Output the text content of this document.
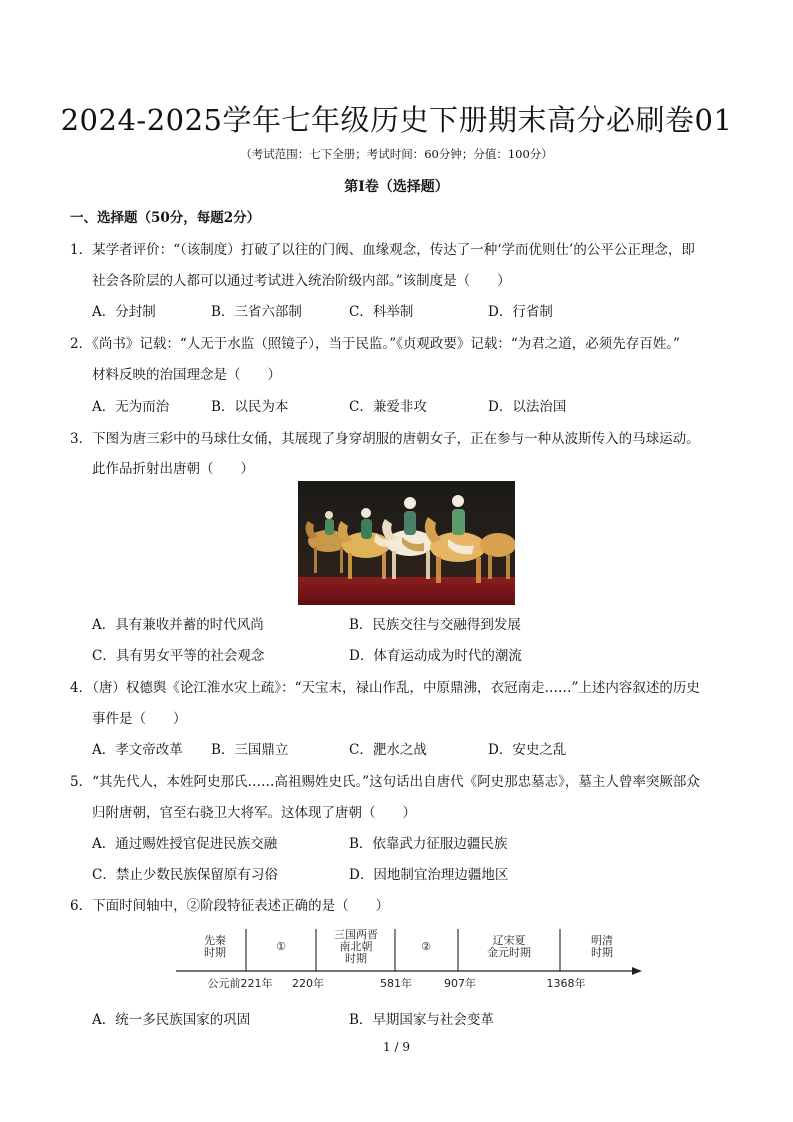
2024-2025学年七年级历史下册期末高分必刷卷01
（考试范围：七下全册；考试时间：60分钟；分值：100分）
第Ⅰ卷（选择题）
一、选择题（50分，每题2分）
1．某学者评价：“（该制度）打破了以往的门阀、血缘观念，传达了一种‘学而优则仕’的公平公正理念，即
社会各阶层的人都可以通过考试进入统治阶级内部。”该制度是（　　）
A．分封制	B．三省六部制	C．科举制	D．行省制
2．《尚书》记载：“人无于水监（照镜子），当于民监。”《贞观政要》记载：“为君之道，必须先存百姓。”
材料反映的治国理念是（　　）
A．无为而治	B．以民为本	C．兼爱非攻	D．以法治国
3．下图为唐三彩中的马球仕女俑，其展现了身穿胡服的唐朝女子，正在参与一种从波斯传入的马球运动。
此作品折射出唐朝（　　）
A．具有兼收并蓄的时代风尚	B．民族交往与交融得到发展
C．具有男女平等的社会观念	D．体育运动成为时代的潮流
4．（唐）权德舆《论江淮水灾上疏》：“天宝末，禄山作乱，中原鼎沸，衣冠南走……”上述内容叙述的历史
事件是（　　）
A．孝文帝改革 B．三国鼎立	C．淝水之战	D．安史之乱
5．“其先代人，本姓阿史那氏……高祖赐姓史氏。”这句话出自唐代《阿史那忠墓志》，墓主人曾率突厥部众
归附唐朝，官至右骁卫大将军。这体现了唐朝（　　）
A．通过赐姓授官促进民族交融	B．依靠武力征服边疆民族
C．禁止少数民族保留原有习俗	D．因地制宜治理边疆地区
6．下面时间轴中，②阶段特征表述正确的是（　　）
先秦时期	①
三国两晋南北朝时期
②	辽宋夏金元时期
明清时期
公元前221年 220年	581年	907年	1368年
A．统一多民族国家的巩固	B．早期国家与社会变革
1 / 9
